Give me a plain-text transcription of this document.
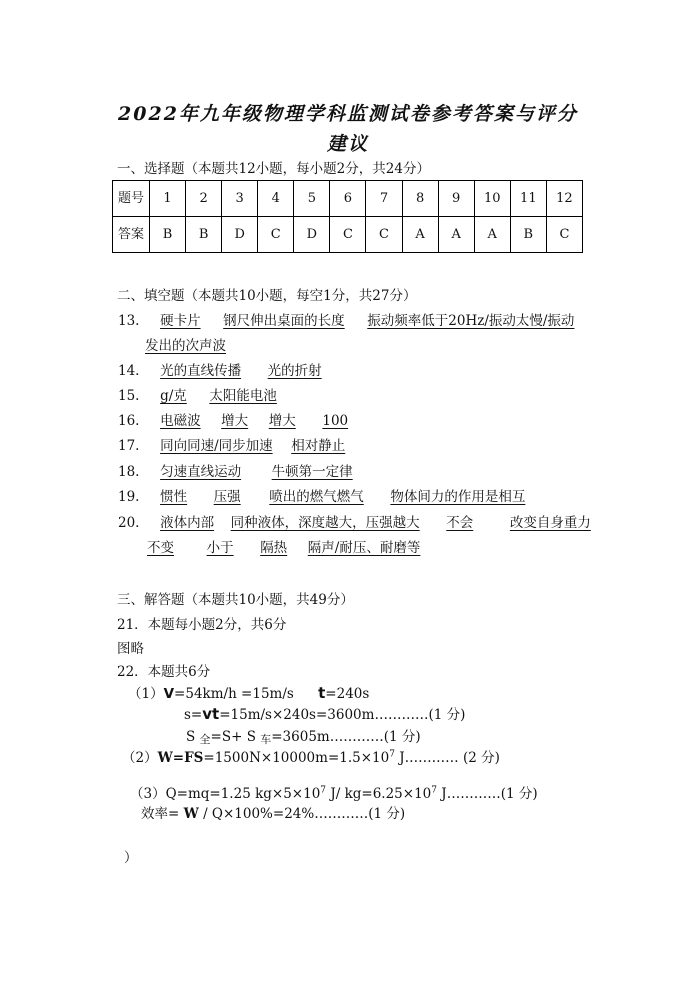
2022年九年级物理学科监测试卷参考答案与评分
建议
一、选择题（本题共12小题，每小题2分，共24分）
题号	1	2	3	4	5	6	7	8	9	10	11	12
答案	B	B	D	C	D	C	C	A	A	A	B	C
二、填空题（本题共10小题，每空1分，共27分）
13. 硬卡片 钢尺伸出桌面的长度 振动频率低于20Hz/振动太慢/振动
发出的次声波
14. 光的直线传播 光的折射
15. g/克 太阳能电池
16. 电磁波 增大 增大 100
17. 同向同速/同步加速 相对静止
18. 匀速直线运动 牛顿第一定律
19. 惯性 压强 喷出的燃气燃气 物体间力的作用是相互
20. 液体内部 同种液体，深度越大，压强越大 不会	改变自身重力
不变 小于 隔热 隔声/耐压、耐磨等
三、解答题（本题共10小题，共49分）
21．本题每小题2分，共6分
图略
22．本题共6分
（1）V=54km/h =15m/s t=240s
s=vt=15m/s×240s=3600m…………(1 分)
S 全=S+ S 车=3605m…………(1 分)
$(2)W=FS=1500N\times 10000m=1.5\times 10^7$ J………… (2 分)
（3）Q=mq=1.25 $kg\times 5\times 10^7$ J/ $kg=6.25\times 10^7$ J…………(1 分)
效率= W / Q×100%=24%…………(1 分)
）
